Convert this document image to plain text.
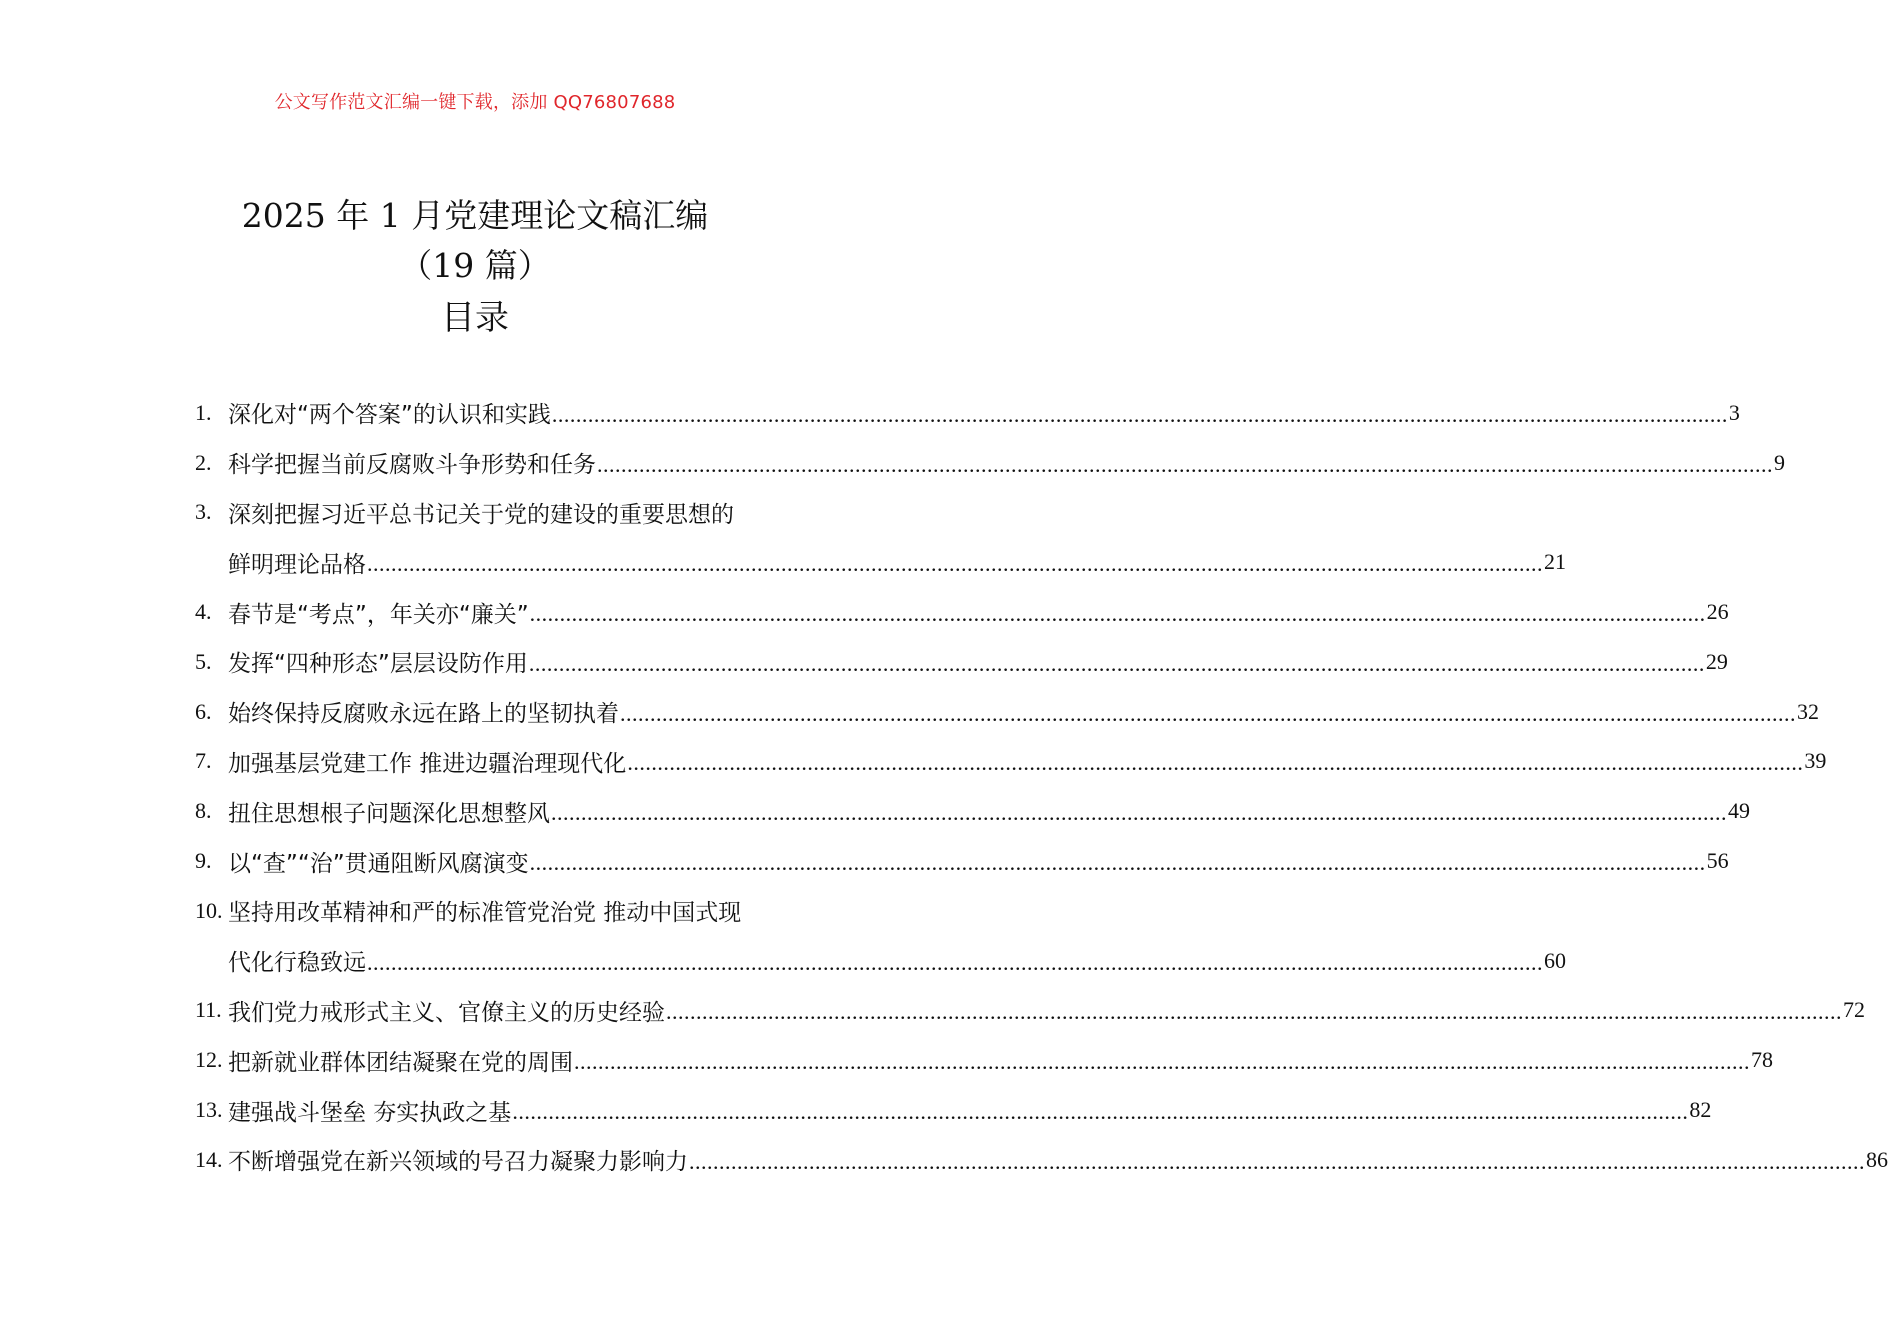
公文写作范文汇编一键下载，添加 QQ76807688
2025 年 1 月党建理论文稿汇编
（19 篇）
目录
1. 深化对“两个答案”的认识和实践 .....	3
2. 科学把握当前反腐败斗争形势和任务 .....	9
3. 深刻把握习近平总书记关于党的建设的重要思想的
鲜明理论品格 .....	21
4. 春节是“考点”，年关亦“廉关” .....	26
5. 发挥“四种形态”层层设防作用 .....	29
6. 始终保持反腐败永远在路上的坚韧执着 .....	32
7. 加强基层党建工作 推进边疆治理现代化 .....	39
8. 扭住思想根子问题深化思想整风 .....	49
9. 以“查”“治”贯通阻断风腐演变 .....	56
10. 坚持用改革精神和严的标准管党治党 推动中国式现
代化行稳致远 .....	60
11. 我们党力戒形式主义、官僚主义的历史经验 .....	72
12. 把新就业群体团结凝聚在党的周围 .....	78
13. 建强战斗堡垒 夯实执政之基 .....	82
14. 不断增强党在新兴领域的号召力凝聚力影响力 .....	86
